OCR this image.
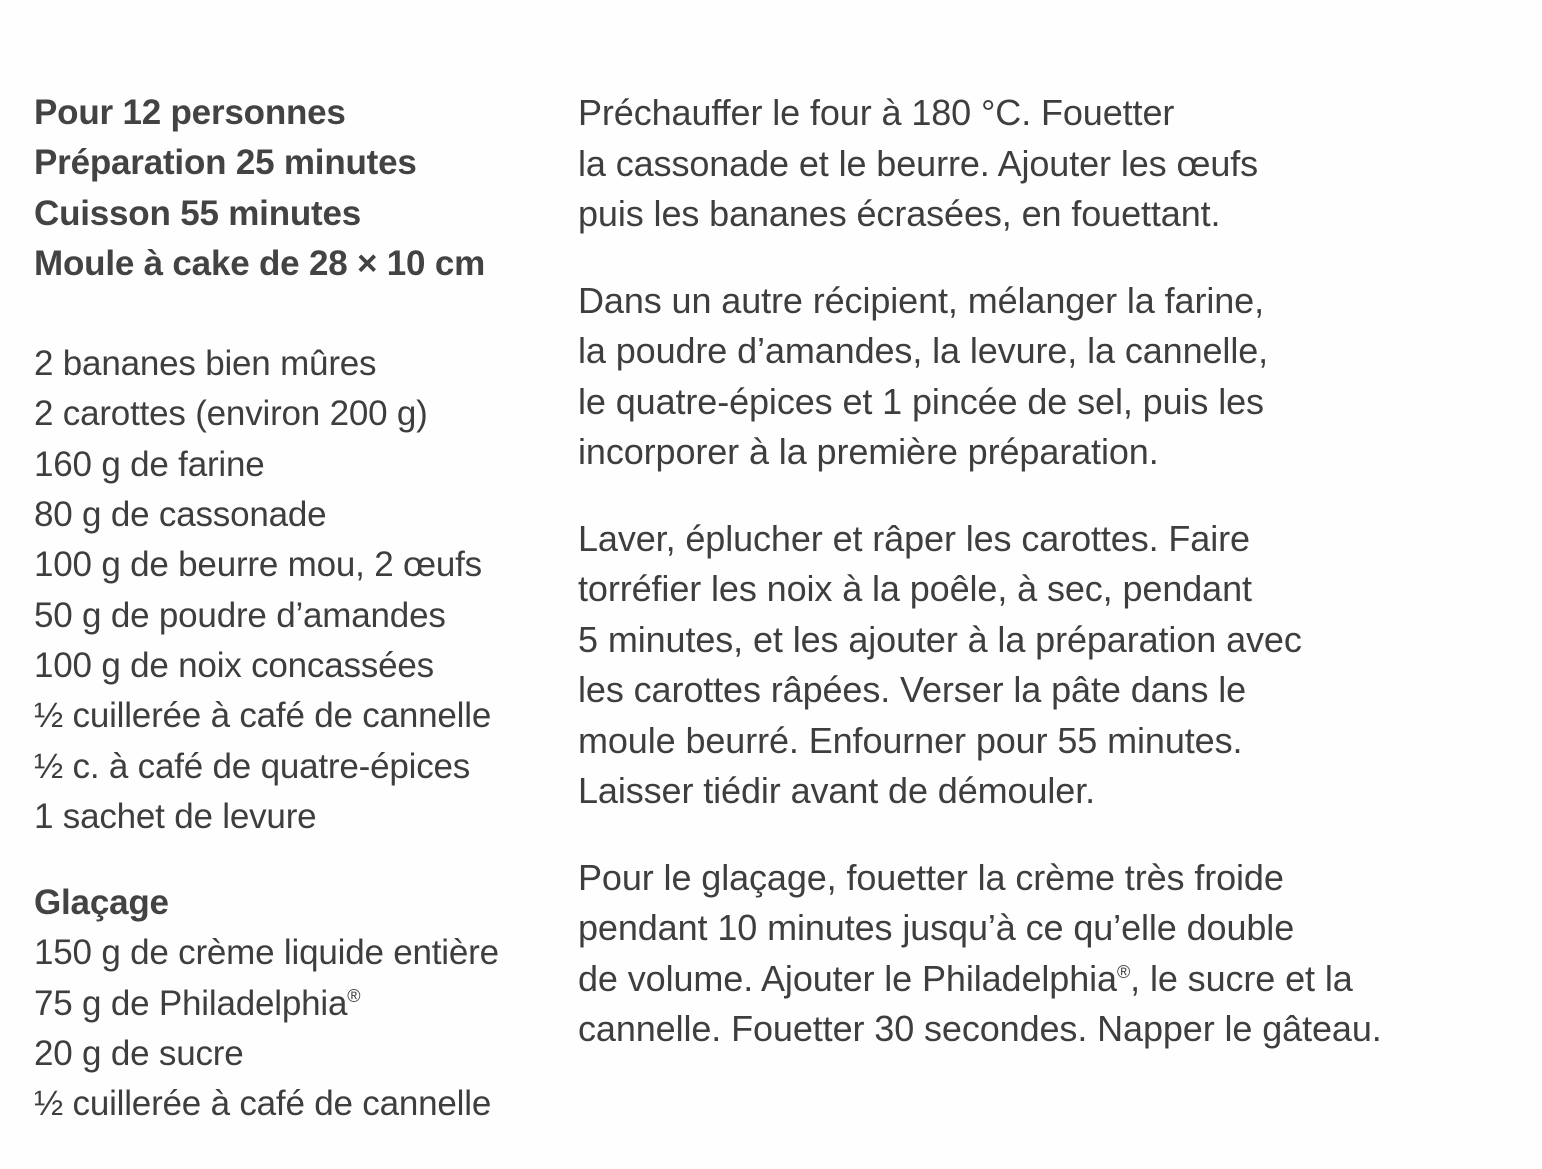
Pour 12 personnes
Préparation 25 minutes
Cuisson 55 minutes
Moule à cake de 28 × 10 cm
2 bananes bien mûres
2 carottes (environ 200 g)
160 g de farine
80 g de cassonade
100 g de beurre mou, 2 œufs
50 g de poudre d’amandes
100 g de noix concassées
½ cuillerée à café de cannelle
½ c. à café de quatre-épices
1 sachet de levure
Glaçage
150 g de crème liquide entière
75 g de Philadelphia®
20 g de sucre
½ cuillerée à café de cannelle
Préchauffer le four à 180 °C. Fouetter
la cassonade et le beurre. Ajouter les œufs
puis les bananes écrasées, en fouettant.
Dans un autre récipient, mélanger la farine,
la poudre d’amandes, la levure, la cannelle,
le quatre-épices et 1 pincée de sel, puis les
incorporer à la première préparation.
Laver, éplucher et râper les carottes. Faire
torréfier les noix à la poêle, à sec, pendant
5 minutes, et les ajouter à la préparation avec
les carottes râpées. Verser la pâte dans le
moule beurré. Enfourner pour 55 minutes.
Laisser tiédir avant de démouler.
Pour le glaçage, fouetter la crème très froide
pendant 10 minutes jusqu’à ce qu’elle double
de volume. Ajouter le Philadelphia®, le sucre et la
cannelle. Fouetter 30 secondes. Napper le gâteau.
